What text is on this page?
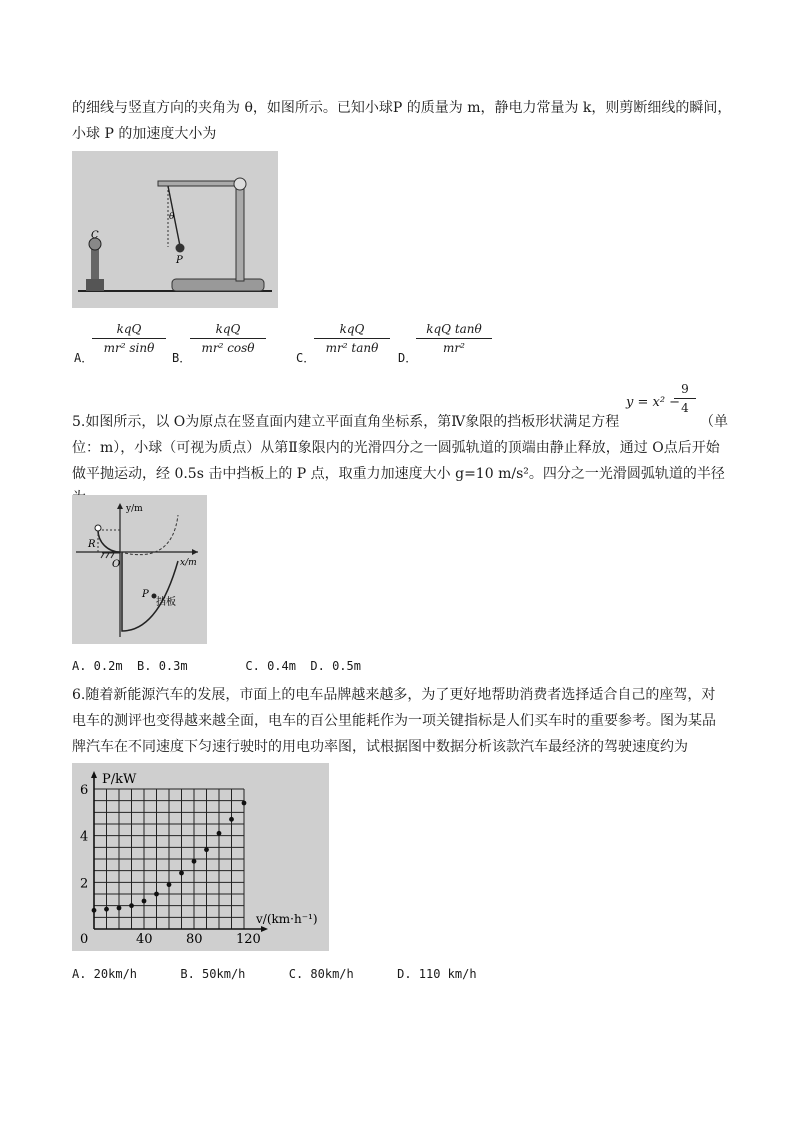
的细线与竖直方向的夹角为 θ，如图所示。已知小球P 的质量为 m，静电力常量为 k，则剪断细线的瞬间，
小球 P 的加速度大小为
C
θ
P
A．
kqQ
mr² sinθ
B．
kqQ
mr² cosθ
C．
kqQ
mr² tanθ
D．
kqQ tanθ
mr²
5.如图所示，以 O为原点在竖直面内建立平面直角坐标系，第Ⅳ象限的挡板形状满足方程
y = x² −
$\frac{9}{4}$
（单
位：m），小球（可视为质点）从第Ⅱ象限内的光滑四分之一圆弧轨道的顶端由静止释放，通过 O点后开始
做平抛运动，经 0.5s 击中挡板上的 P 点，取重力加速度大小 g=10 m/s²。四分之一光滑圆弧轨道的半径
y/m
x/m
R
O
P
挡板
A. 0.2m  B. 0.3m        C. 0.4m  D. 0.5m
6.随着新能源汽车的发展，市面上的电车品牌越来越多，为了更好地帮助消费者选择适合自己的座驾，对
电车的测评也变得越来越全面，电车的百公里能耗作为一项关键指标是人们买车时的重要参考。图为某品
牌汽车在不同速度下匀速行驶时的用电功率图，试根据图中数据分析该款汽车最经济的驾驶速度约为
0	40	80	120
2
4
6
P/kW
v/(km·h⁻¹)
A. 20km/h      B. 50km/h      C. 80km/h      D. 110 km/h
